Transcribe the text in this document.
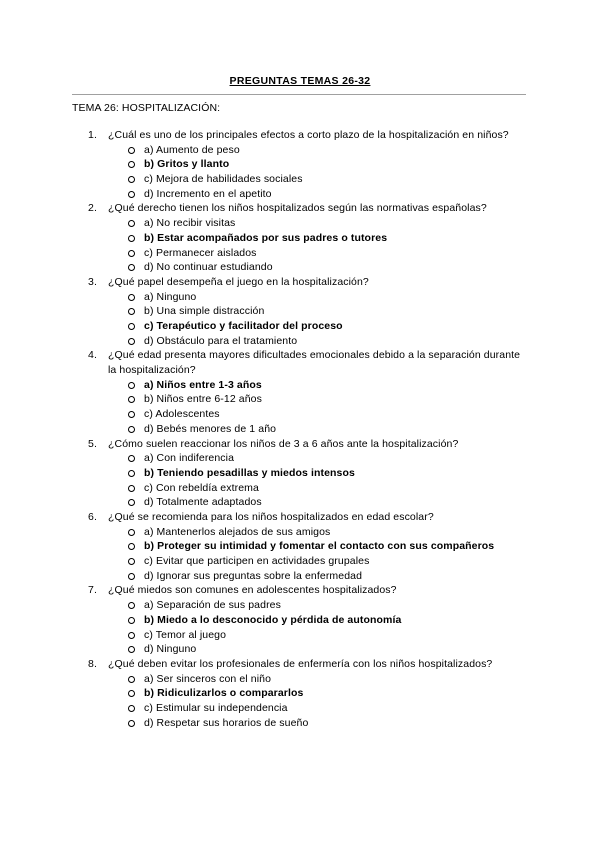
PREGUNTAS TEMAS 26-32
TEMA 26: HOSPITALIZACIÓN:
1.	¿Cuál es uno de los principales efectos a corto plazo de la hospitalización en niños?
a) Aumento de peso
b) Gritos y llanto
c) Mejora de habilidades sociales
d) Incremento en el apetito
2.	¿Qué derecho tienen los niños hospitalizados según las normativas españolas?
a) No recibir visitas
b) Estar acompañados por sus padres o tutores
c) Permanecer aislados
d) No continuar estudiando
3.	¿Qué papel desempeña el juego en la hospitalización?
a) Ninguno
b) Una simple distracción
c) Terapéutico y facilitador del proceso
d) Obstáculo para el tratamiento
4.	¿Qué edad presenta mayores dificultades emocionales debido a la separación durante la hospitalización?
a) Niños entre 1-3 años
b) Niños entre 6-12 años
c) Adolescentes
d) Bebés menores de 1 año
5.	¿Cómo suelen reaccionar los niños de 3 a 6 años ante la hospitalización?
a) Con indiferencia
b) Teniendo pesadillas y miedos intensos
c) Con rebeldía extrema
d) Totalmente adaptados
6.	¿Qué se recomienda para los niños hospitalizados en edad escolar?
a) Mantenerlos alejados de sus amigos
b) Proteger su intimidad y fomentar el contacto con sus compañeros
c) Evitar que participen en actividades grupales
d) Ignorar sus preguntas sobre la enfermedad
7.	¿Qué miedos son comunes en adolescentes hospitalizados?
a) Separación de sus padres
b) Miedo a lo desconocido y pérdida de autonomía
c) Temor al juego
d) Ninguno
8.	¿Qué deben evitar los profesionales de enfermería con los niños hospitalizados?
a) Ser sinceros con el niño
b) Ridiculizarlos o compararlos
c) Estimular su independencia
d) Respetar sus horarios de sueño
